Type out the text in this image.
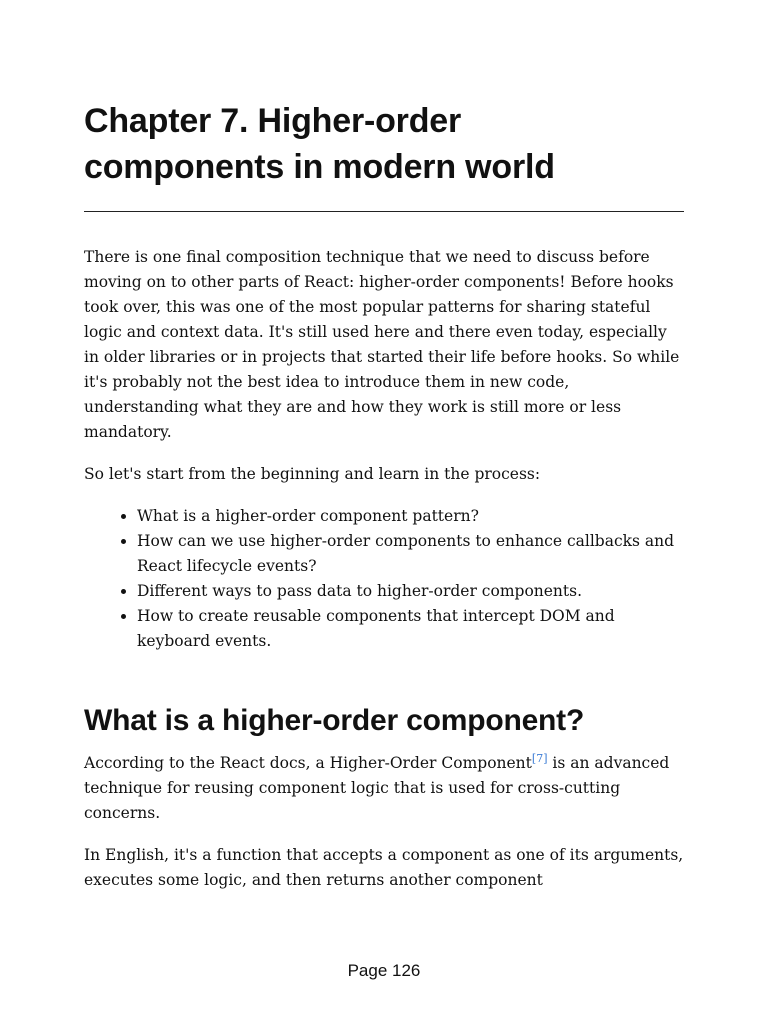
Chapter 7. Higher-order
components in modern world

There is one final composition technique that we need to discuss before moving on to other parts of React: higher-order components! Before hooks took over, this was one of the most popular patterns for sharing stateful logic and context data. It's still used here and there even today, especially in older libraries or in projects that started their life before hooks. So while it's probably not the best idea to introduce them in new code, understanding what they are and how they work is still more or less mandatory.

So let's start from the beginning and learn in the process:

• What is a higher-order component pattern?
• How can we use higher-order components to enhance callbacks and React lifecycle events?
• Different ways to pass data to higher-order components.
• How to create reusable components that intercept DOM and keyboard events.
What is a higher-order component?

According to the React docs, a Higher-Order Component[7] is an advanced technique for reusing component logic that is used for cross-cutting concerns.

In English, it's a function that accepts a component as one of its arguments, executes some logic, and then returns another component

Page 126
